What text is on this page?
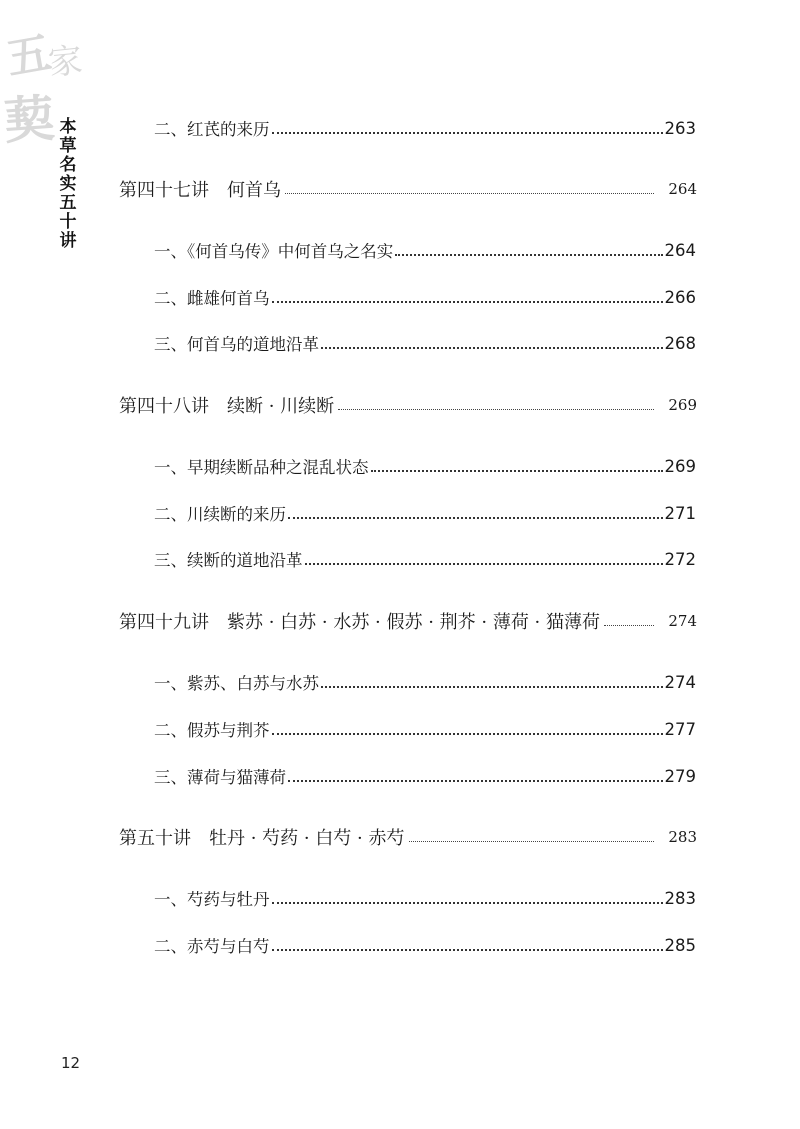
五
家
葜 本
草
名
实
五
十
讲
二、红芪的来历	263
第四十七讲　何首乌	264
一、《何首乌传》中何首乌之名实	264
二、雌雄何首乌	266
三、何首乌的道地沿革	268
第四十八讲　续断 · 川续断	269
一、早期续断品种之混乱状态	269
二、川续断的来历	271
三、续断的道地沿革	272
第四十九讲　紫苏 · 白苏 · 水苏 · 假苏 · 荆芥 · 薄荷 · 猫薄荷	274
一、紫苏、白苏与水苏	274
二、假苏与荆芥	277
三、薄荷与猫薄荷	279
第五十讲　牡丹 · 芍药 · 白芍 · 赤芍	283
一、芍药与牡丹	283
二、赤芍与白芍	285
12
